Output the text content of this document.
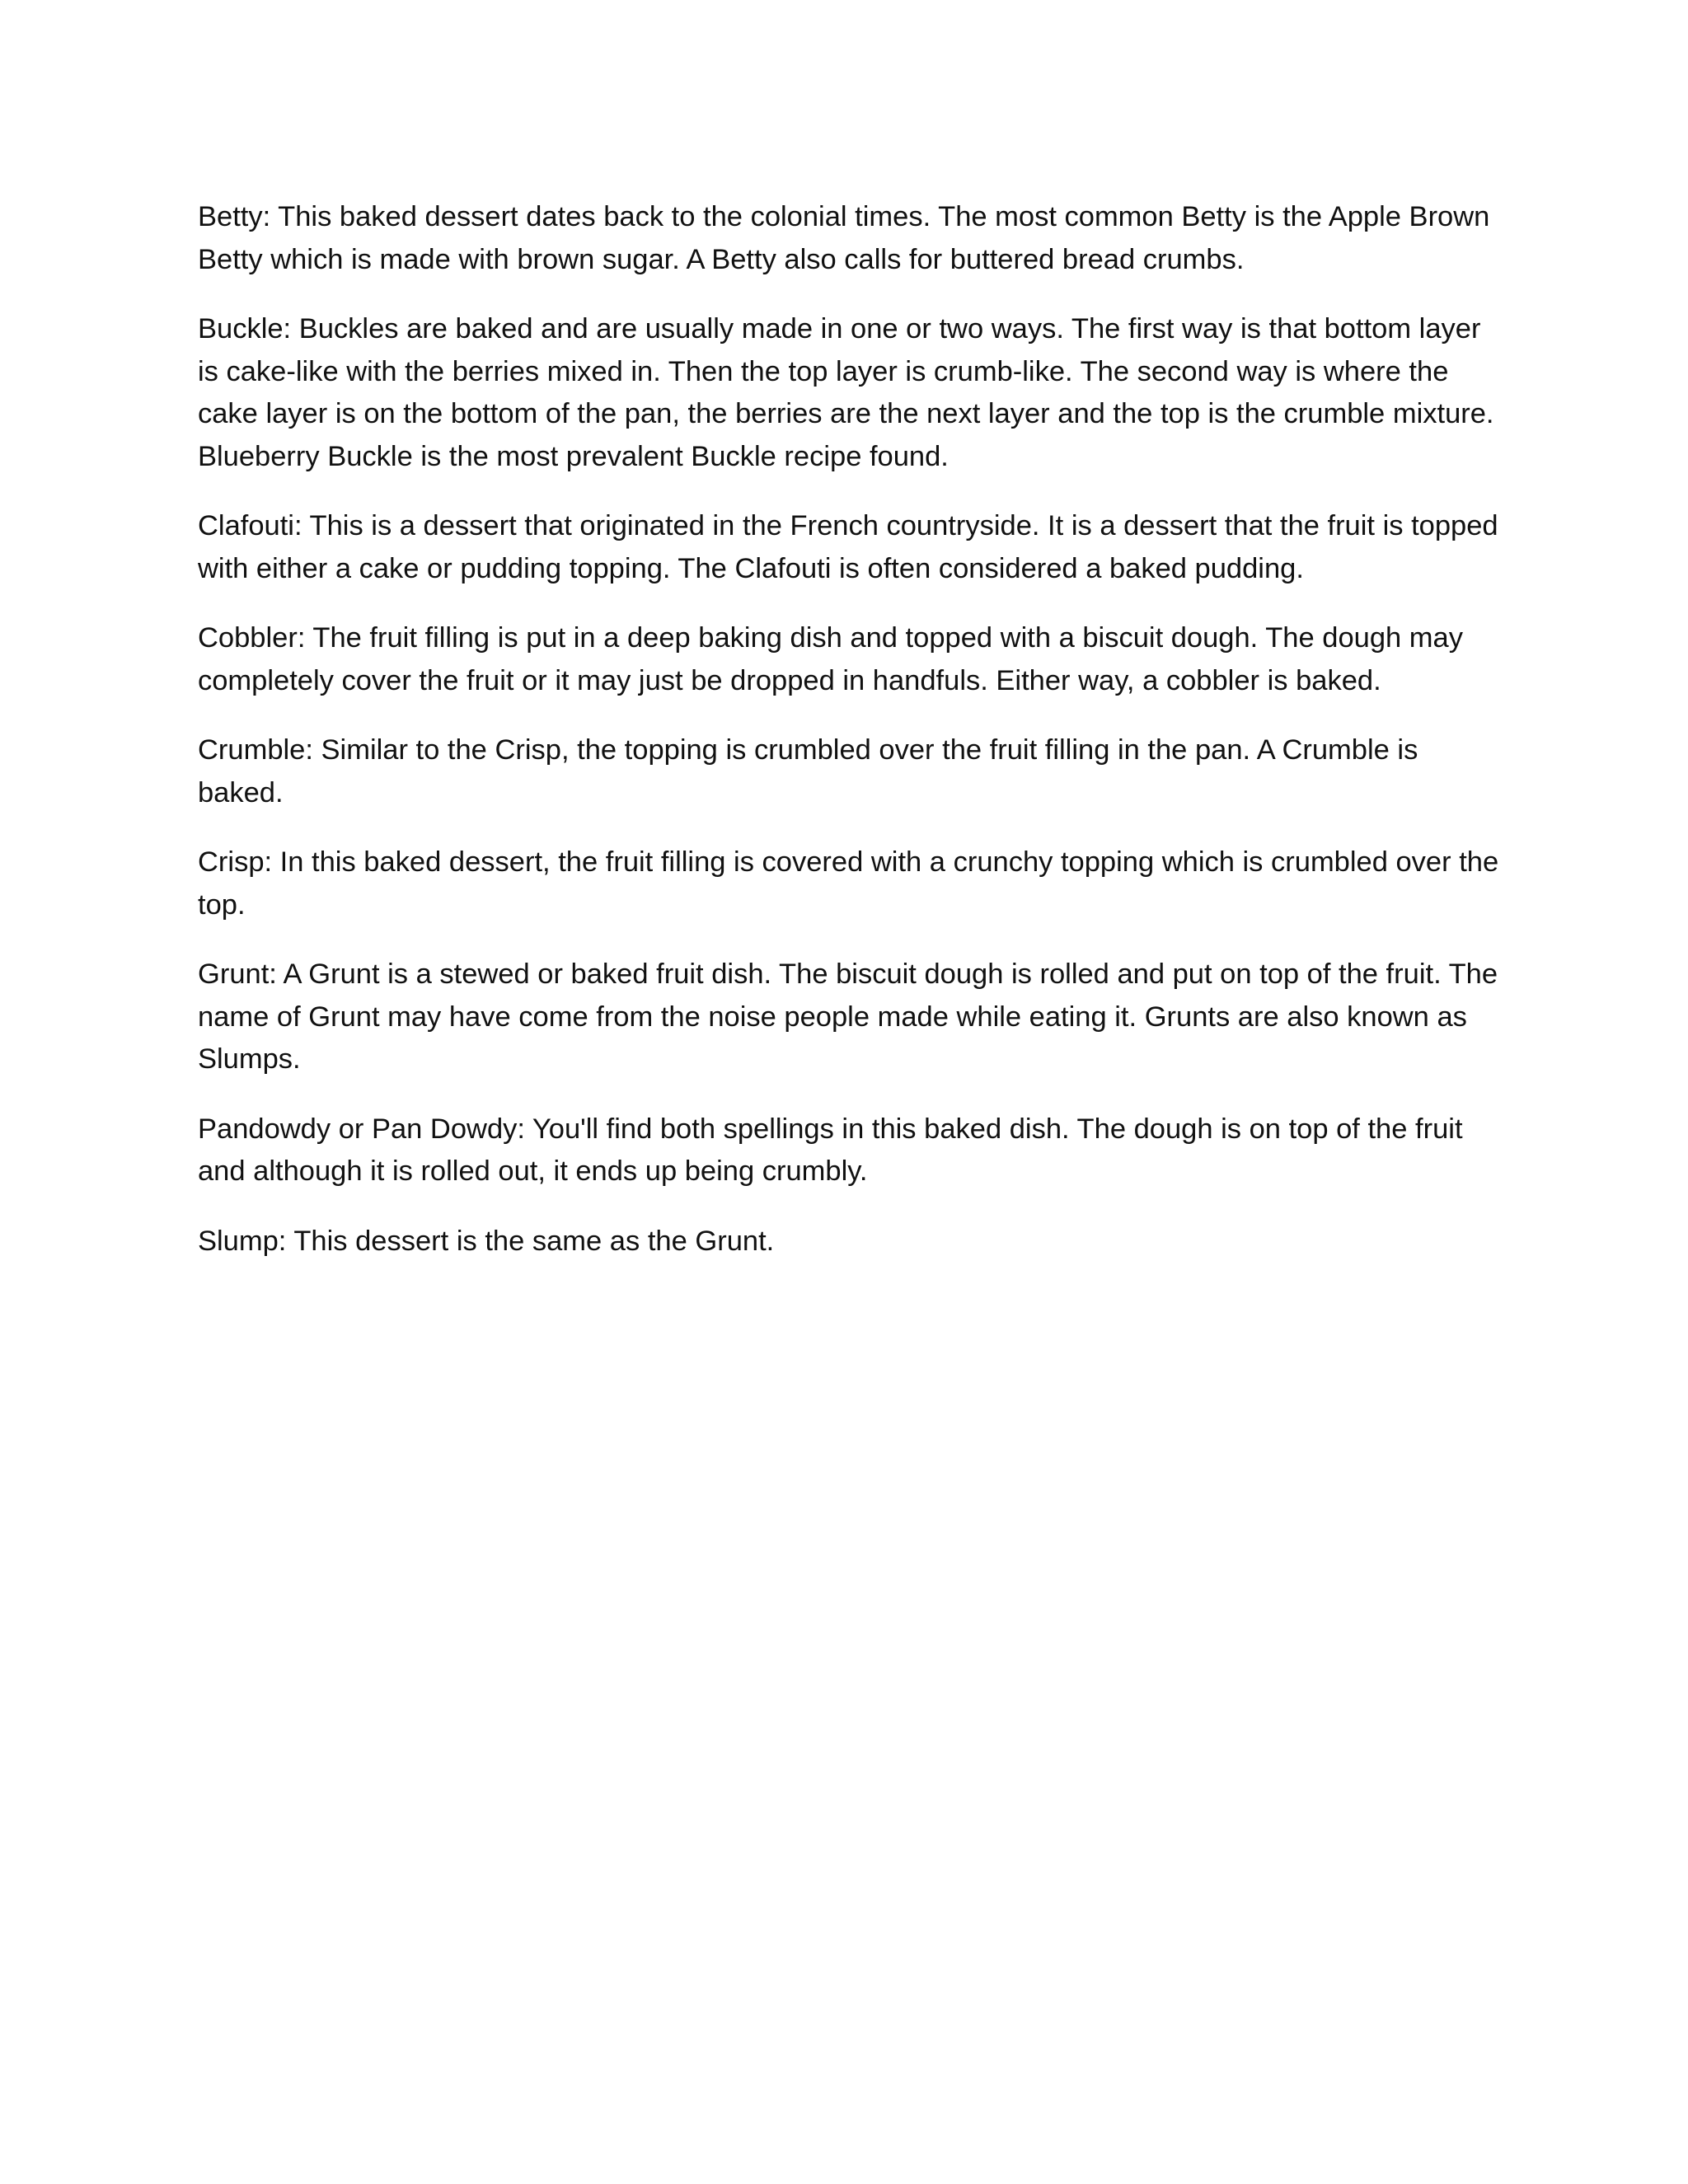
Betty: This baked dessert dates back to the colonial times. The most common Betty is the Apple Brown Betty which is made with brown sugar. A Betty also calls for buttered bread crumbs.

Buckle: Buckles are baked and are usually made in one or two ways. The first way is that bottom layer is cake-like with the berries mixed in. Then the top layer is crumb-like. The second way is where the cake layer is on the bottom of the pan, the berries are the next layer and the top is the crumble mixture. Blueberry Buckle is the most prevalent Buckle recipe found.

Clafouti: This is a dessert that originated in the French countryside. It is a dessert that the fruit is topped with either a cake or pudding topping. The Clafouti is often considered a baked pudding.

Cobbler: The fruit filling is put in a deep baking dish and topped with a biscuit dough. The dough may completely cover the fruit or it may just be dropped in handfuls. Either way, a cobbler is baked.

Crumble: Similar to the Crisp, the topping is crumbled over the fruit filling in the pan. A Crumble is baked.

Crisp: In this baked dessert, the fruit filling is covered with a crunchy topping which is crumbled over the top.

Grunt: A Grunt is a stewed or baked fruit dish. The biscuit dough is rolled and put on top of the fruit. The name of Grunt may have come from the noise people made while eating it. Grunts are also known as Slumps.

Pandowdy or Pan Dowdy: You'll find both spellings in this baked dish. The dough is on top of the fruit and although it is rolled out, it ends up being crumbly.

Slump: This dessert is the same as the Grunt.
